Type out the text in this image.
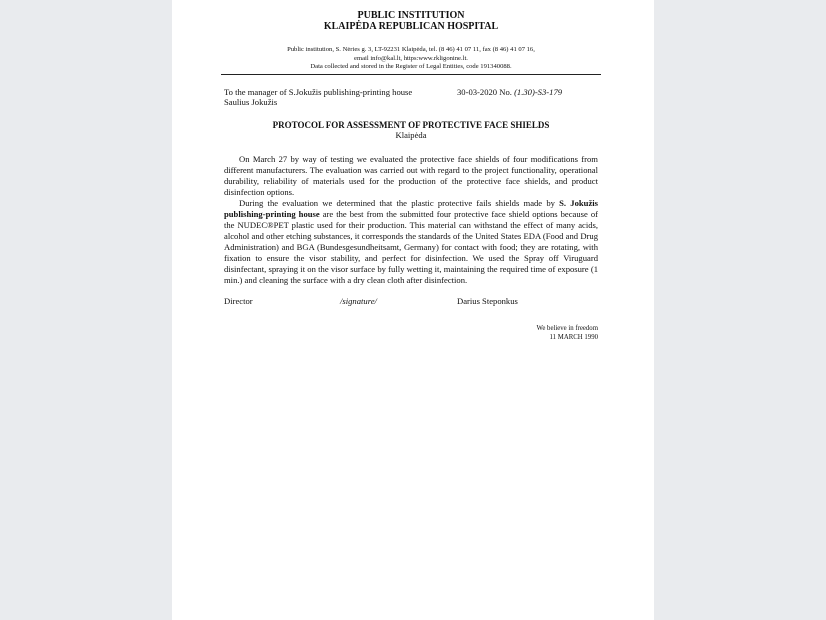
PUBLIC INSTITUTION
KLAIPĖDA REPUBLICAN HOSPITAL
Public institution, S. Nėries g. 3, LT-92231 Klaipėda, tel. (8 46) 41 07 11, fax (8 46) 41 07 16,
email info@kal.lt, https:www.rkligonine.lt.
Data collected and stored in the Register of Legal Entities, code 191340088.
To the manager of S.Jokužis publishing-printing house
Saulius Jokužis
30-03-2020 No. (1.30)-S3-179
PROTOCOL FOR ASSESSMENT OF PROTECTIVE FACE SHIELDS
Klaipėda

On March 27 by way of testing we evaluated the protective face shields of four modifications from different manufacturers. The evaluation was carried out with regard to the project functionality, operational durability, reliability of materials used for the production of the protective face shields, and product disinfection options.

During the evaluation we determined that the plastic protective fails shields made by S. Jokužis publishing-printing house are the best from the submitted four protective face shield options because of the NUDEC®PET plastic used for their production. This material can withstand the effect of many acids, alcohol and other etching substances, it corresponds the standards of the United States EDA (Food and Drug Administration) and BGA (Bundesgesundheitsamt, Germany) for contact with food; they are rotating, with fixation to ensure the visor stability, and perfect for disinfection. We used the Spray off Viruguard disinfectant, spraying it on the visor surface by fully wetting it, maintaining the required time of exposure (1 min.) and cleaning the surface with a dry clean cloth after disinfection.

Director	/signature/	Darius Steponkus
We believe in freedom
11 MARCH 1990
